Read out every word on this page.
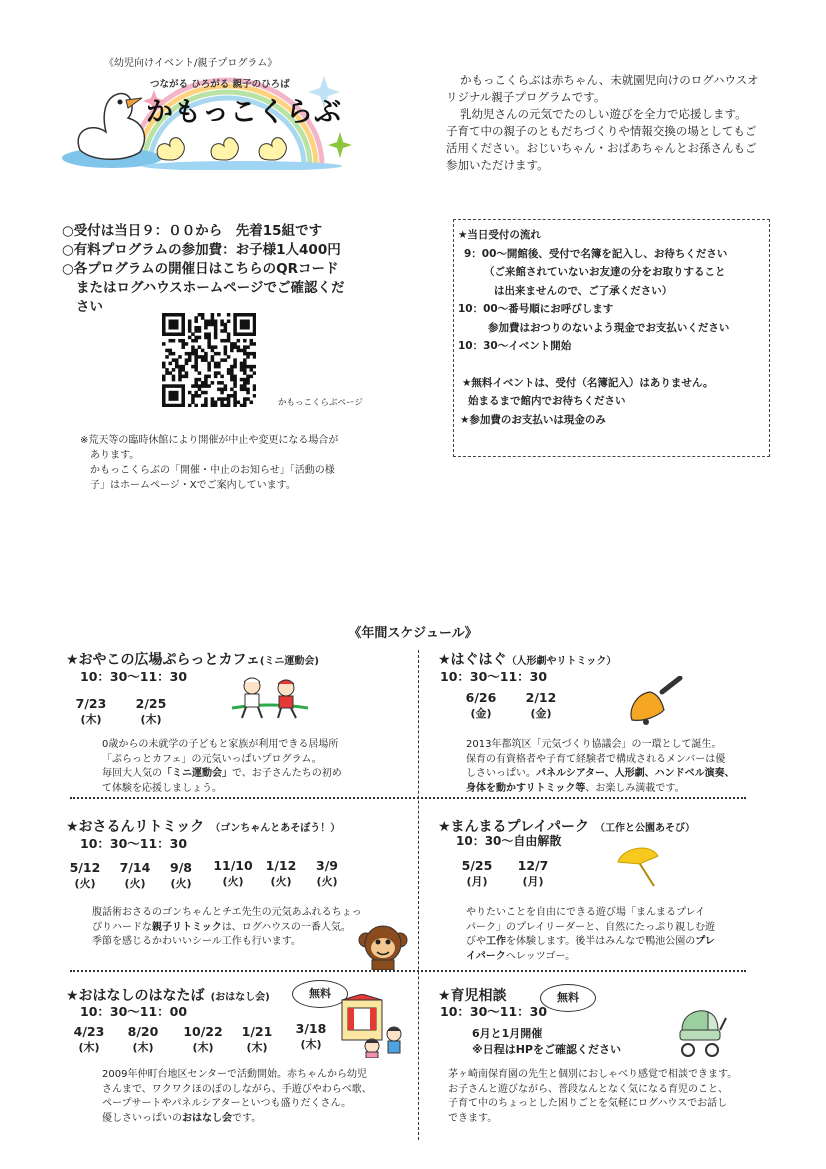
《幼児向けイベント/親子プログラム》
つながる ひろがる 親子のひろば
かもっこくらぶ
かもっこくらぶは赤ちゃん、未就園児向けのログハウスオ
リジナル親子プログラムです。
乳幼児さんの元気でたのしい遊びを全力で応援します。
子育て中の親子のともだちづくりや情報交換の場としてもご
活用ください。おじいちゃん・おばあちゃんとお孫さんもご
参加いただけます。
○受付は当日９：００から　先着15組です
○有料プログラムの参加費：お子様1人400円
○各プログラムの開催日はこちらのQRコード
またはログハウスホームページでご確認くだ
さい
かもっこくらぶページ
※荒天等の臨時休館により開催が中止や変更になる場合が
あります。
かもっこくらぶの「開催・中止のお知らせ」「活動の様
子」はホームページ・Xでご案内しています。
★当日受付の流れ
9：00～開館後、受付で名簿を記入し、お待ちください
（ご来館されていないお友達の分をお取りすること
は出来ませんので、ご了承ください）
10：00～番号順にお呼びします
参加費はおつりのないよう現金でお支払いください
10：30～イベント開始
★無料イベントは、受付（名簿記入）はありません。
始まるまで館内でお待ちください
★参加費のお支払いは現金のみ
《年間スケジュール》
★おやこの広場ぷらっとカフェ(ミニ運動会)
10：30～11：30
7/23
(木)
2/25
(木)
0歳からの未就学の子どもと家族が利用できる居場所
「ぷらっとカフェ」の元気いっぱいプログラム。
毎回大人気の「ミニ運動会」で、お子さんたちの初め
て体験を応援しましょう。
★はぐはぐ（人形劇やリトミック）
10：30～11：30
6/26
(金)
2/12
(金)
2013年都筑区「元気づくり協議会」の一環として誕生。
保育の有資格者や子育て経験者で構成されるメンバーは優
しさいっぱい。パネルシアター、人形劇、ハンドベル演奏、
身体を動かすリトミック等、お楽しみ満載です。
★おさるんリトミック （ゴンちゃんとあそぼう！）
10：30～11：30
5/12
(火)
7/14
(火)
9/8
(火)
11/10
(火)
1/12
(火)
3/9
(火)
腹話術おさるのゴンちゃんとチエ先生の元気あふれるちょっ
ぴりハードな親子リトミックは、ログハウスの一番人気。
季節を感じるかわいいシール工作も行います。
★まんまるプレイパーク （工作と公園あそび）
10：30～自由解散
5/25
(月)
12/7
(月)
やりたいことを自由にできる遊び場「まんまるプレイ
パーク」のプレイリーダーと、自然にたっぷり親しむ遊
びや工作を体験します。後半はみんなで鴨池公園のプレ
イパークへレッツゴー。
★おはなしのはなたば (おはなし会)	無料
10：30～11：00
4/23
(木)
8/20
(木)
10/22
(木)
1/21
(木)
3/18
(木)
2009年仲町台地区センターで活動開始。赤ちゃんから幼児
さんまで、ワクワクほのぼのしながら、手遊びやわらべ歌、
ペープサートやパネルシアターといつも盛りだくさん。
優しさいっぱいのおはなし会です。
★育児相談	無料
10：30～11：30
6月と1月開催
※日程はHPをご確認ください
茅ヶ崎南保育園の先生と個別におしゃべり感覚で相談できます。
お子さんと遊びながら、普段なんとなく気になる育児のこと、
子育て中のちょっとした困りごとを気軽にログハウスでお話し
できます。
